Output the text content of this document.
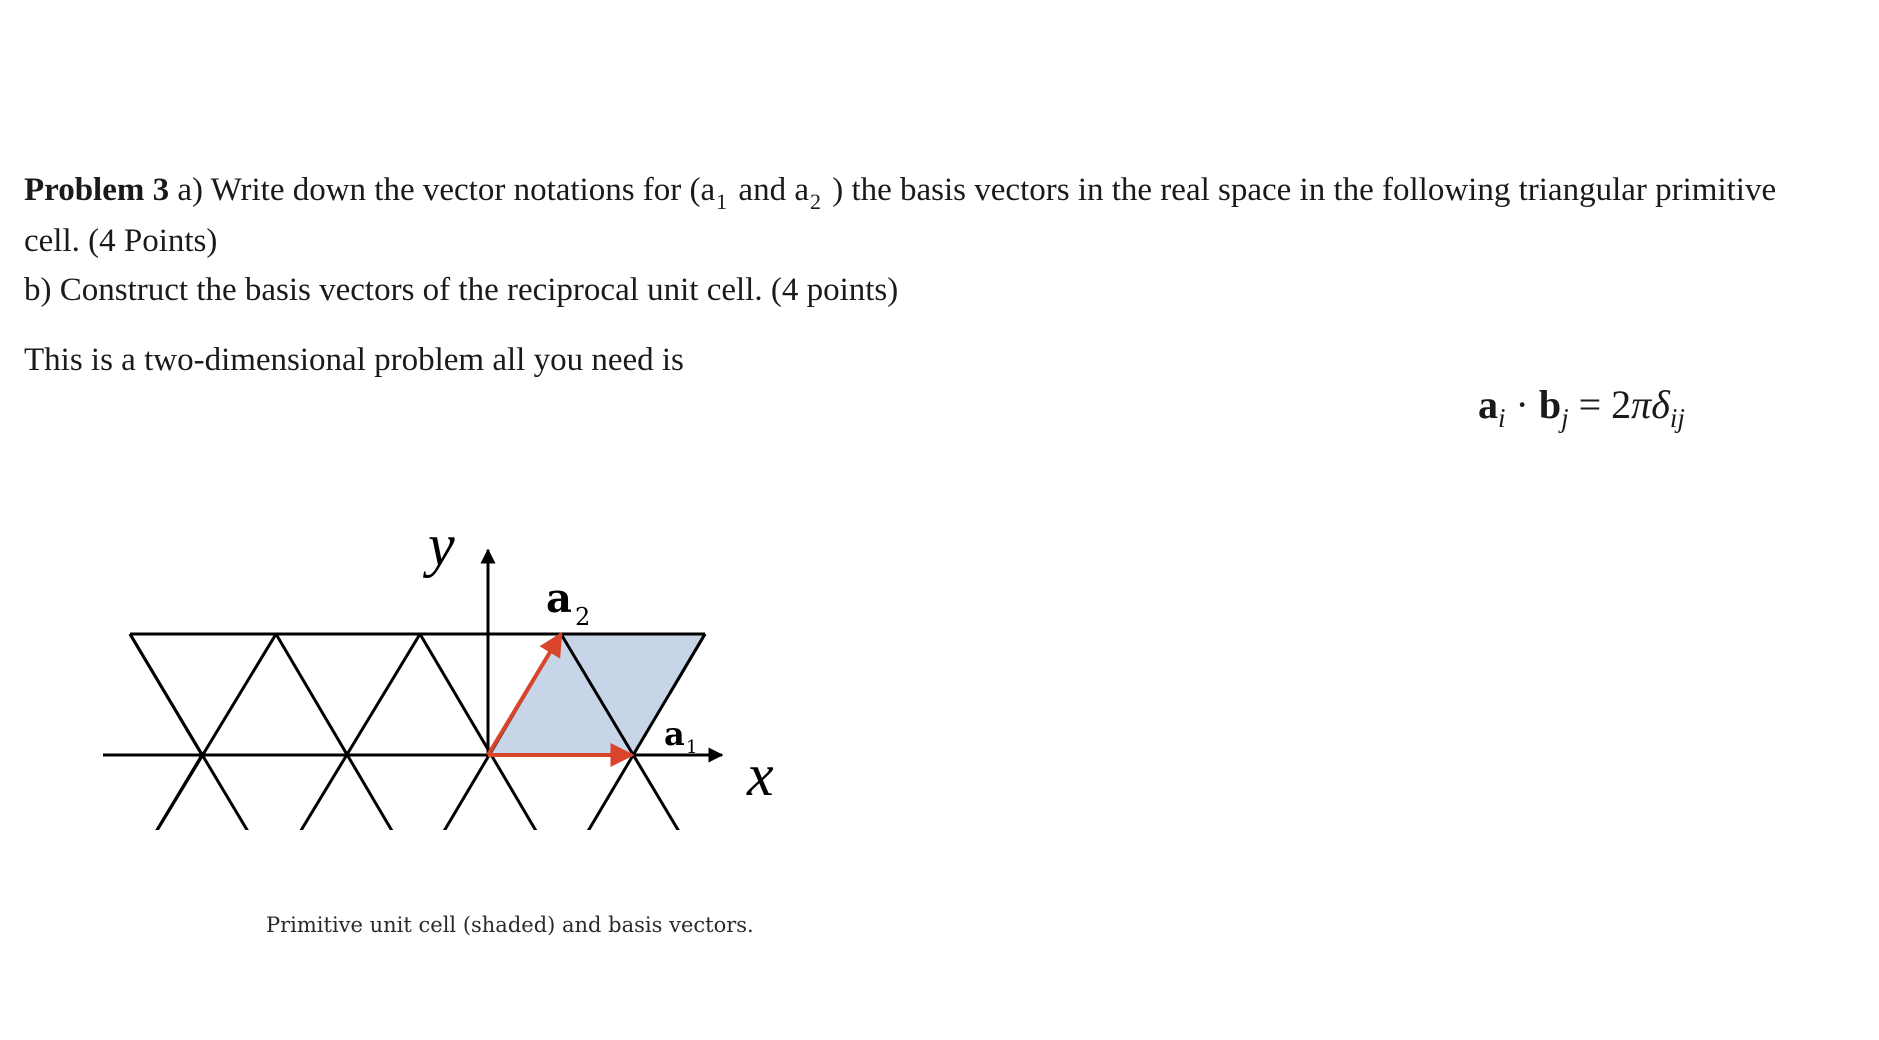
Problem 3 a) Write down the vector notations for ($a_1$ and $a_2$ ) the basis vectors in the real space in the following triangular primitive cell. (4 Points)

b) Construct the basis vectors of the reciprocal unit cell. (4 points)

This is a two-dimensional problem all you need is

$a_i \cdot b_j = 2\pi\delta_{ij}$
y
x
a 2
a 1
Primitive unit cell (shaded) and basis vectors.
